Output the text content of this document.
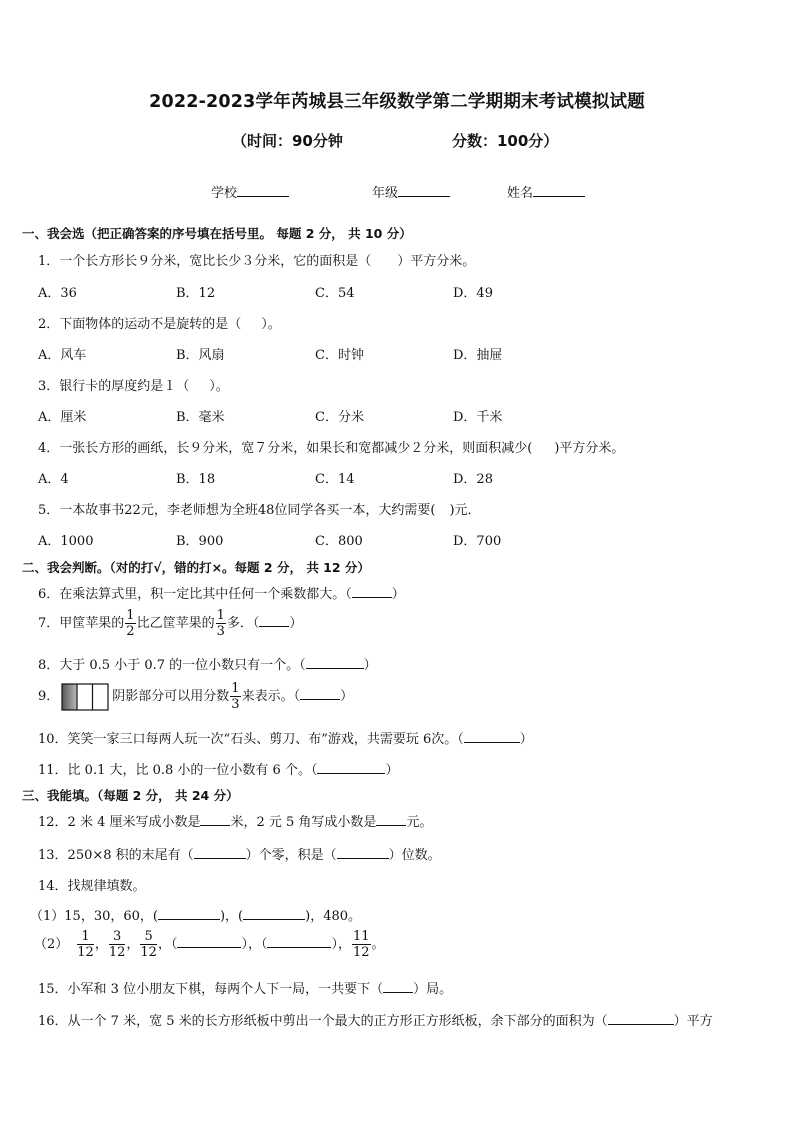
2022-2023学年芮城县三年级数学第二学期期末考试模拟试题
（时间：90分钟	分数：100分）
学校	年级	姓名
一、我会选（把正确答案的序号填在括号里。 每题 2 分， 共 10 分）
1．一个长方形长９分米，宽比长少３分米，它的面积是（ ）平方分米。
A．36	B．12	C．54	D．49
2．下面物体的运动不是旋转的是（ ）。
A．风车	B．风扇	C．时钟	D．抽屉
3．银行卡的厚度约是１（ ）。
A．厘米	B．毫米	C．分米	D．千米
4．一张长方形的画纸，长９分米，宽７分米，如果长和宽都减少２分米，则面积减少( )平方分米。
A．4	B．18	C．14	D．28
5．一本故事书22元，李老师想为全班48位同学各买一本，大约需要( )元．
A．1000	B．900	C．800	D．700
二、我会判断。（对的打√，错的打×。每题 2 分， 共 12 分）
6．在乘法算式里，积一定比其中任何一个乘数都大。（	）
7．甲筐苹果的 $\frac{1}{2}$ 比乙筐苹果的 $\frac{1}{3}$ 多．（ ）
8．大于 0.5 小于 0.7 的一位小数只有一个。（	）
9．	阴影部分可以用分数 $\frac{1}{3}$ 来表示。（	）
10．笑笑一家三口每两人玩一次“石头、剪刀、布”游戏，共需要玩 6次。（	）
11．比 0.1 大，比 0.8 小的一位小数有 6 个。（	）
三、我能填。（每题 2 分， 共 24 分）
12．2 米 4 厘米写成小数是 米，2 元 5 角写成小数是 元。
13．250×8 积的末尾有（	）个零，积是（	）位数。
14．找规律填数。
（1）15，30，60，(	)，(	)，480。
$(2) \frac{1}{12}$ ， $\frac{3}{12}$ ， $\frac{5}{12}$ ，（	），（	）， $\frac{11}{12}$ 。
15．小军和 3 位小朋友下棋，每两个人下一局，一共要下（ ）局。
16．从一个 7 米，宽 5 米的长方形纸板中剪出一个最大的正方形正方形纸板，余下部分的面积为（	）平方
